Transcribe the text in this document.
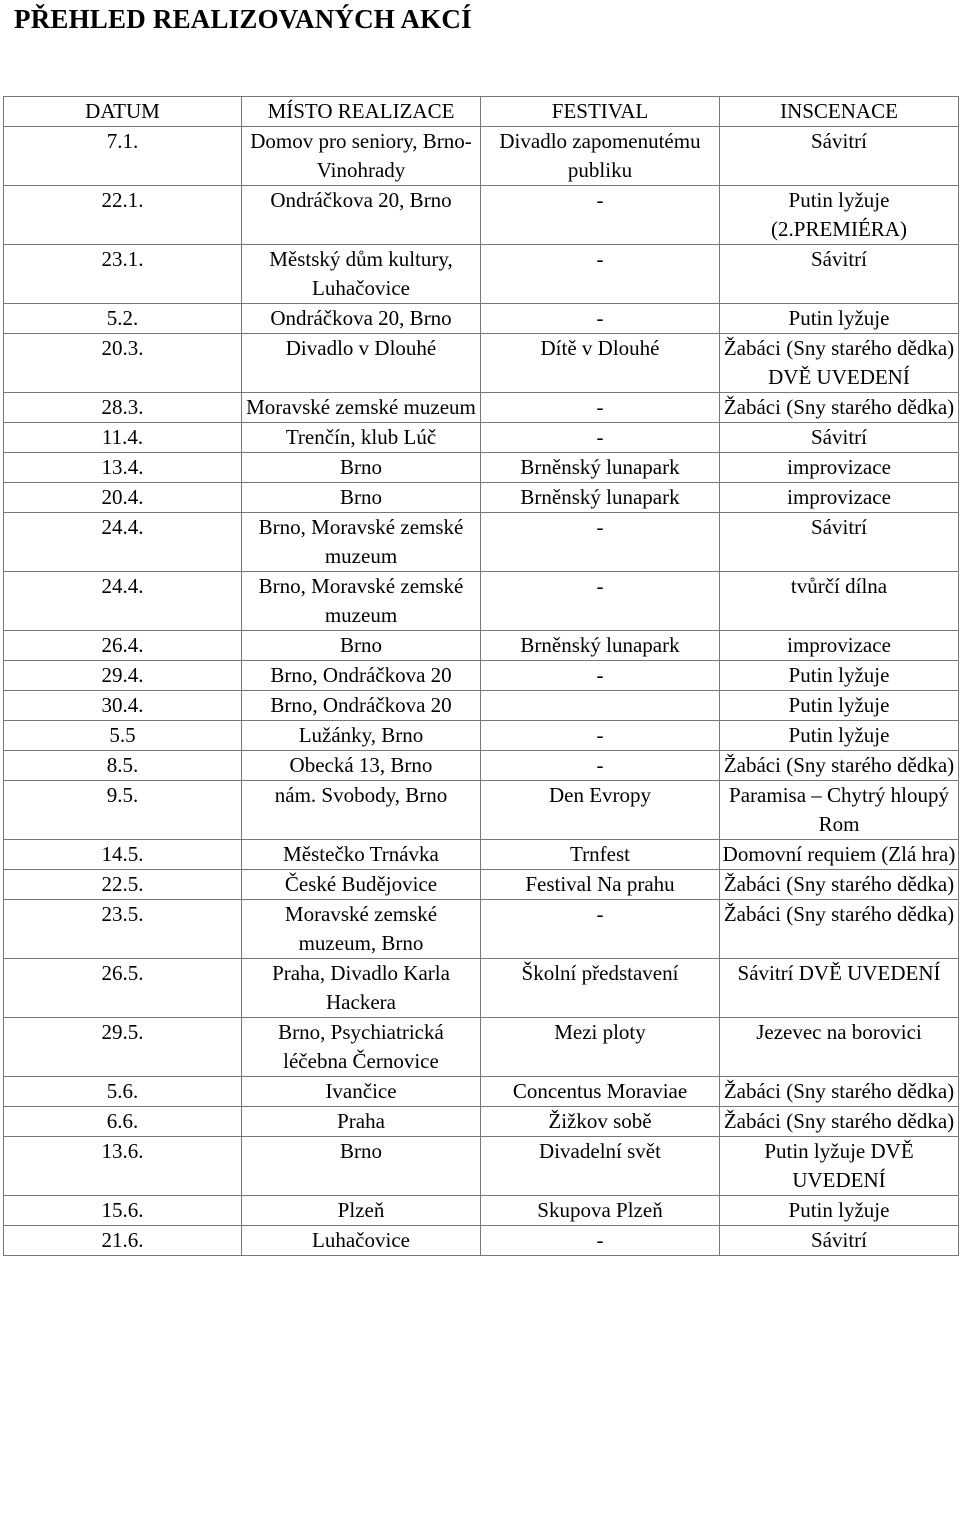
PŘEHLED REALIZOVANÝCH AKCÍ
DATUM	MÍSTO REALIZACE	FESTIVAL	INSCENACE
7.1.	Domov pro seniory, Brno-Vinohrady	Divadlo zapomenutému publiku	Sávitrí
22.1.	Ondráčkova 20, Brno	-	Putin lyžuje (2.PREMIÉRA)
23.1.	Městský dům kultury, Luhačovice	-	Sávitrí
5.2.	Ondráčkova 20, Brno	-	Putin lyžuje
20.3.	Divadlo v Dlouhé	Dítě v Dlouhé	Žabáci (Sny starého dědka) DVĚ UVEDENÍ
28.3.	Moravské zemské muzeum	-	Žabáci (Sny starého dědka)
11.4.	Trenčín, klub Lúč	-	Sávitrí
13.4.	Brno	Brněnský lunapark	improvizace
20.4.	Brno	Brněnský lunapark	improvizace
24.4.	Brno, Moravské zemské muzeum	-	Sávitrí
24.4.	Brno, Moravské zemské muzeum	-	tvůrčí dílna
26.4.	Brno	Brněnský lunapark	improvizace
29.4.	Brno, Ondráčkova 20	-	Putin lyžuje
30.4.	Brno, Ondráčkova 20		Putin lyžuje
5.5	Lužánky, Brno	-	Putin lyžuje
8.5.	Obecká 13, Brno	-	Žabáci (Sny starého dědka)
9.5.	nám. Svobody, Brno	Den Evropy	Paramisa – Chytrý hloupý Rom
14.5.	Městečko Trnávka	Trnfest	Domovní requiem (Zlá hra)
22.5.	České Budějovice	Festival Na prahu	Žabáci (Sny starého dědka)
23.5.	Moravské zemské muzeum, Brno	-	Žabáci (Sny starého dědka)
26.5.	Praha, Divadlo Karla Hackera	Školní představení	Sávitrí DVĚ UVEDENÍ
29.5.	Brno, Psychiatrická léčebna Černovice	Mezi ploty	Jezevec na borovici
5.6.	Ivančice	Concentus Moraviae	Žabáci (Sny starého dědka)
6.6.	Praha	Žižkov sobě	Žabáci (Sny starého dědka)
13.6.	Brno	Divadelní svět	Putin lyžuje DVĚ UVEDENÍ
15.6.	Plzeň	Skupova Plzeň	Putin lyžuje
21.6.	Luhačovice	-	Sávitrí
